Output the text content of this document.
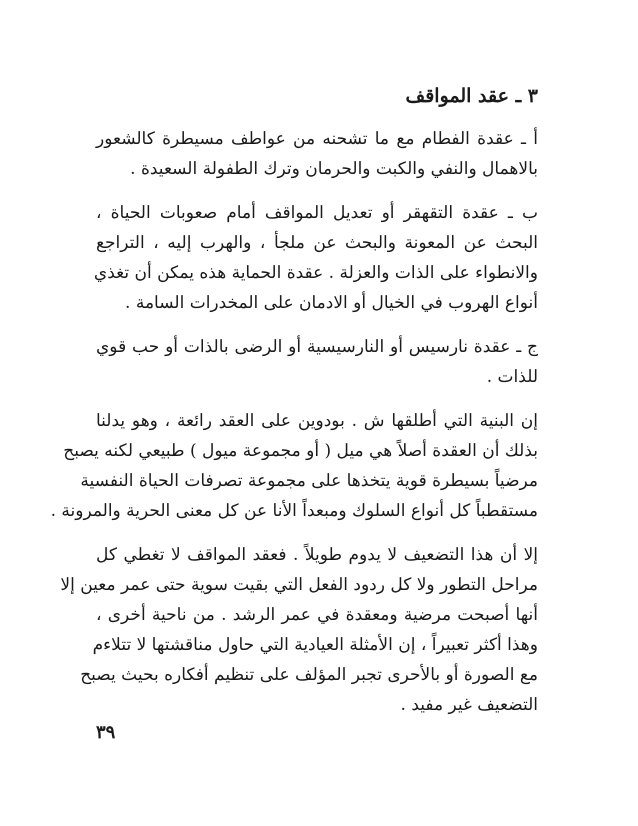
٣ ـ عقد المواقف
أ ـ عقدة الفطام مع ما تشحنه من عواطف مسيطرة كالشعور
بالاهمال والنفي والكبت والحرمان وترك الطفولة السعيدة .
ب ـ عقدة التقهقر أو تعديل المواقف أمام صعوبات الحياة ،
البحث عن المعونة والبحث عن ملجأ ، والهرب إليه ، التراجع
والانطواء على الذات والعزلة . عقدة الحماية هذه يمكن أن تغذي
أنواع الهروب في الخيال أو الادمان على المخدرات السامة .
ج ـ عقدة نارسيس أو النارسيسية أو الرضى بالذات أو حب قوي
للذات .
إن البنية التي أطلقها ش . بودوين على العقد رائعة ، وهو يدلنا
بذلك أن العقدة أصلاً هي ميل ( أو مجموعة ميول ) طبيعي لكنه يصبح
مرضياً بسيطرة قوية يتخذها على مجموعة تصرفات الحياة النفسية
مستقطباً كل أنواع السلوك ومبعداً الأنا عن كل معنى الحرية والمرونة .
إلا أن هذا التضعيف لا يدوم طويلاً . فعقد المواقف لا تغطي كل
مراحل التطور ولا كل ردود الفعل التي بقيت سوية حتى عمر معين إلا
أنها أصبحت مرضية ومعقدة في عمر الرشد . من ناحية أخرى ،
وهذا أكثر تعبيراً ، إن الأمثلة العيادية التي حاول مناقشتها لا تتلاءم
مع الصورة أو بالأحرى تجبر المؤلف على تنظيم أفكاره بحيث يصبح
التضعيف غير مفيد .
٣٩
